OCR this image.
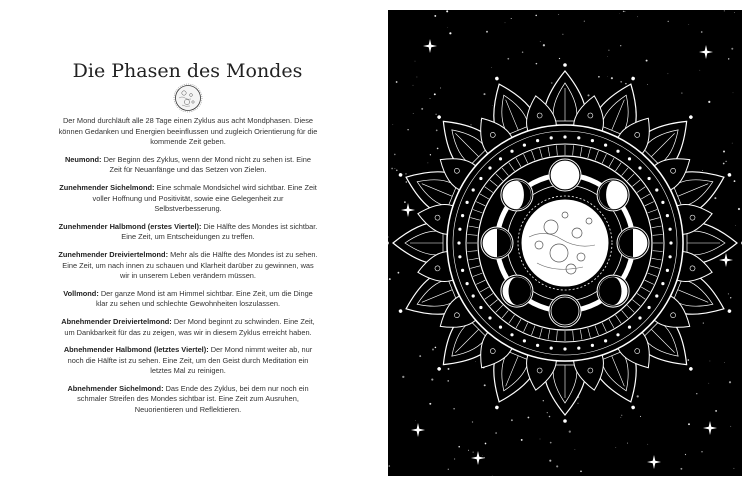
Die Phasen des Mondes

Der Mond durchläuft alle 28 Tage einen Zyklus aus acht Mondphasen. Diese können Gedanken und Energien beeinflussen und zugleich Orientierung für die kommende Zeit geben.

Neumond: Der Beginn des Zyklus, wenn der Mond nicht zu sehen ist. Eine Zeit für Neuanfänge und das Setzen von Zielen.

Zunehmender Sichelmond: Eine schmale Mondsichel wird sichtbar. Eine Zeit voller Hoffnung und Positivität, sowie eine Gelegenheit zur Selbstverbesserung.

Zunehmender Halbmond (erstes Viertel): Die Hälfte des Mondes ist sichtbar. Eine Zeit, um Entscheidungen zu treffen.

Zunehmender Dreiviertelmond: Mehr als die Hälfte des Mondes ist zu sehen. Eine Zeit, um nach innen zu schauen und Klarheit darüber zu gewinnen, was wir in unserem Leben verändern müssen.

Vollmond: Der ganze Mond ist am Himmel sichtbar. Eine Zeit, um die Dinge klar zu sehen und schlechte Gewohnheiten loszulassen.

Abnehmender Dreiviertelmond: Der Mond beginnt zu schwinden. Eine Zeit, um Dankbarkeit für das zu zeigen, was wir in diesem Zyklus erreicht haben.

Abnehmender Halbmond (letztes Viertel): Der Mond nimmt weiter ab, nur noch die Hälfte ist zu sehen. Eine Zeit, um den Geist durch Meditation ein letztes Mal zu reinigen.

Abnehmender Sichelmond: Das Ende des Zyklus, bei dem nur noch ein schmaler Streifen des Mondes sichtbar ist. Eine Zeit zum Ausruhen, Neuorientieren und Reflektieren.
